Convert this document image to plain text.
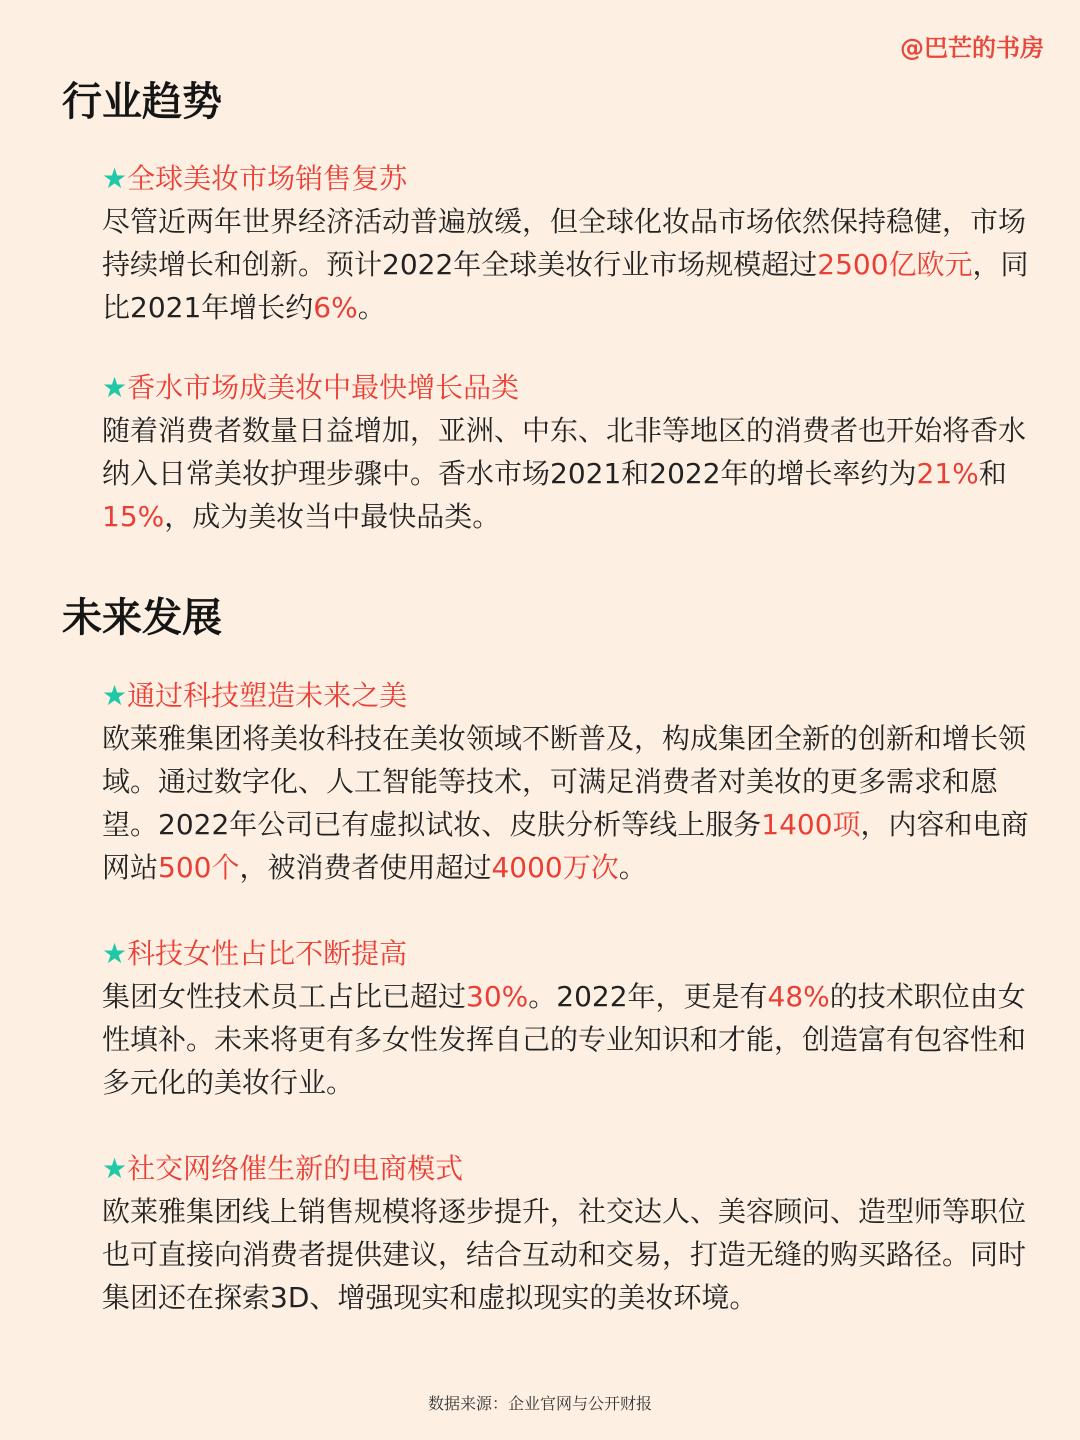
@巴芒的书房
行业趋势
★全球美妆市场销售复苏

尽管近两年世界经济活动普遍放缓，但全球化妆品市场依然保持稳健，市场持续增长和创新。预计2022年全球美妆行业市场规模超过2500亿欧元，同比2021年增长约6%。

★香水市场成美妆中最快增长品类

随着消费者数量日益增加，亚洲、中东、北非等地区的消费者也开始将香水纳入日常美妆护理步骤中。香水市场2021和2022年的增长率约为21%和15%，成为美妆当中最快品类。

未来发展
★通过科技塑造未来之美

欧莱雅集团将美妆科技在美妆领域不断普及，构成集团全新的创新和增长领域。通过数字化、人工智能等技术，可满足消费者对美妆的更多需求和愿望。2022年公司已有虚拟试妆、皮肤分析等线上服务1400项，内容和电商网站500个，被消费者使用超过4000万次。

★科技女性占比不断提高

集团女性技术员工占比已超过30%。2022年，更是有48%的技术职位由女性填补。未来将更有多女性发挥自己的专业知识和才能，创造富有包容性和多元化的美妆行业。

★社交网络催生新的电商模式

欧莱雅集团线上销售规模将逐步提升，社交达人、美容顾问、造型师等职位也可直接向消费者提供建议，结合互动和交易，打造无缝的购买路径。同时集团还在探索3D、增强现实和虚拟现实的美妆环境。

数据来源：企业官网与公开财报
